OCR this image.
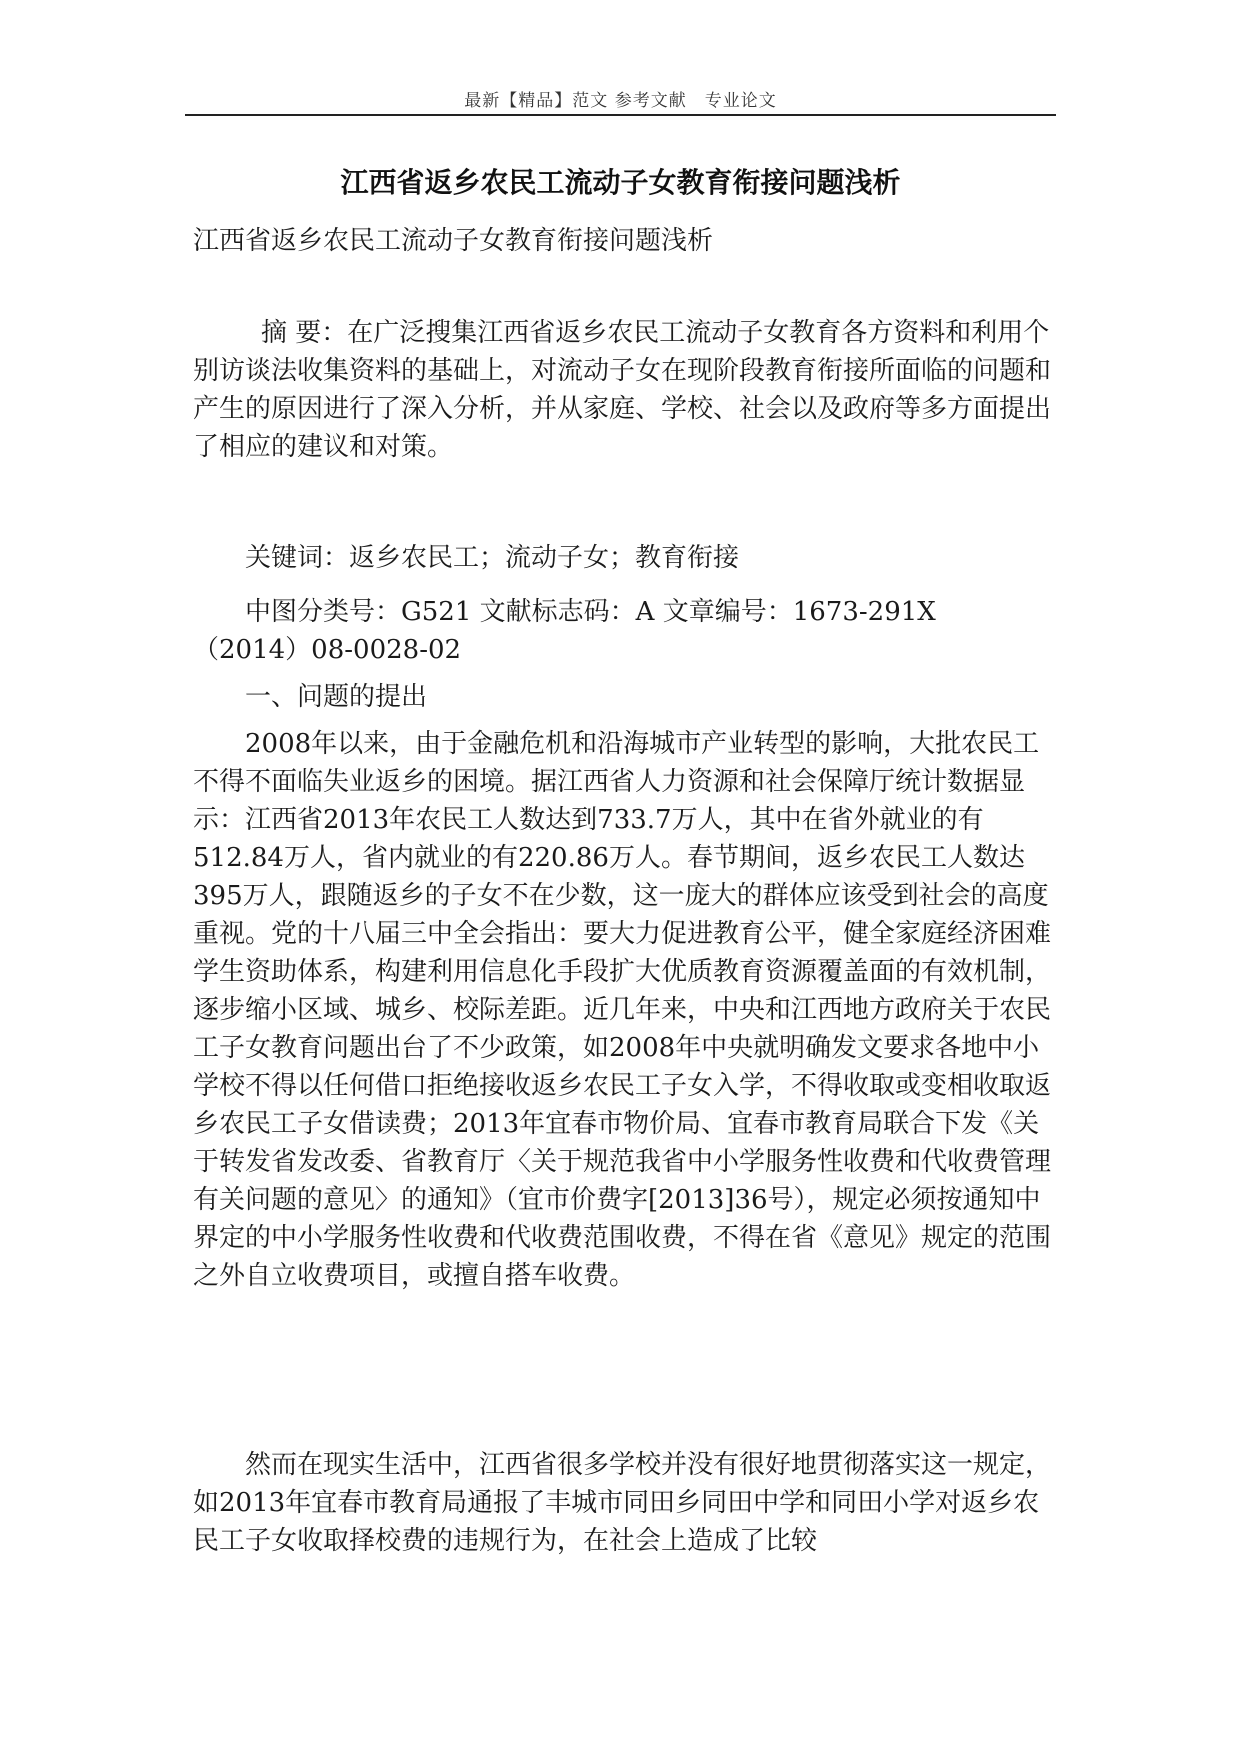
最新【精品】范文 参考文献　专业论文
江西省返乡农民工流动子女教育衔接问题浅析
江西省返乡农民工流动子女教育衔接问题浅析
摘 要：在广泛搜集江西省返乡农民工流动子女教育各方资料和利用个别访谈法收集资料的基础上，对流动子女在现阶段教育衔接所面临的问题和产生的原因进行了深入分析，并从家庭、学校、社会以及政府等多方面提出了相应的建议和对策。
关键词：返乡农民工；流动子女；教育衔接
中图分类号：G521 文献标志码：A 文章编号：1673-291X
（2014）08-0028-02
一、问题的提出
2008年以来，由于金融危机和沿海城市产业转型的影响，大批农民工不得不面临失业返乡的困境。据江西省人力资源和社会保障厅统计数据显示：江西省2013年农民工人数达到733.7万人，其中在省外就业的有512.84万人，省内就业的有220.86万人。春节期间，返乡农民工人数达395万人，跟随返乡的子女不在少数，这一庞大的群体应该受到社会的高度重视。党的十八届三中全会指出：要大力促进教育公平，健全家庭经济困难学生资助体系，构建利用信息化手段扩大优质教育资源覆盖面的有效机制，逐步缩小区域、城乡、校际差距。近几年来，中央和江西地方政府关于农民工子女教育问题出台了不少政策，如2008年中央就明确发文要求各地中小学校不得以任何借口拒绝接收返乡农民工子女入学，不得收取或变相收取返乡农民工子女借读费；2013年宜春市物价局、宜春市教育局联合下发《关于转发省发改委、省教育厅〈关于规范我省中小学服务性收费和代收费管理有关问题的意见〉的通知》（宜市价费字[2013]36号），规定必须按通知中界定的中小学服务性收费和代收费范围收费，不得在省《意见》规定的范围之外自立收费项目，或擅自搭车收费。
然而在现实生活中，江西省很多学校并没有很好地贯彻落实这一规定，如2013年宜春市教育局通报了丰城市同田乡同田中学和同田小学对返乡农民工子女收取择校费的违规行为，在社会上造成了比较
